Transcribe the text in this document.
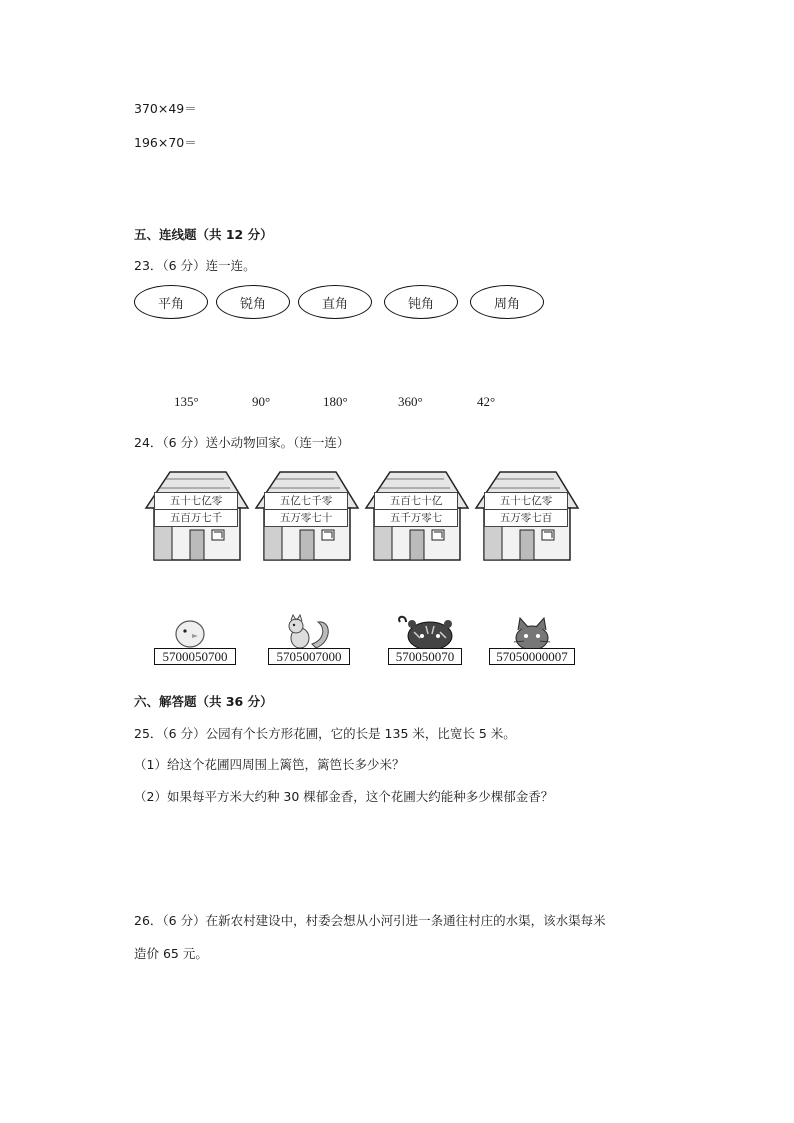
370×49＝
196×70＝
五、连线题（共 12 分）
23．（6 分）连一连。
平角	锐角	直角	钝角	周角
135°	90°	180°	360°	42°
24．（6 分）送小动物回家。（连一连）
五十七亿零
五百万七千
五亿七千零
五万零七十
五百七十亿
五千万零七
五十七亿零
五万零七百
5700050700	5705007000	570050070	57050000007
六、解答题（共 36 分）
25．（6 分）公园有个长方形花圃，它的长是 135 米，比宽长 5 米。
（1）给这个花圃四周围上篱笆，篱笆长多少米？
（2）如果每平方米大约种 30 棵郁金香，这个花圃大约能种多少棵郁金香？
26．（6 分）在新农村建设中，村委会想从小河引进一条通往村庄的水渠，该水渠每米
造价 65 元。
